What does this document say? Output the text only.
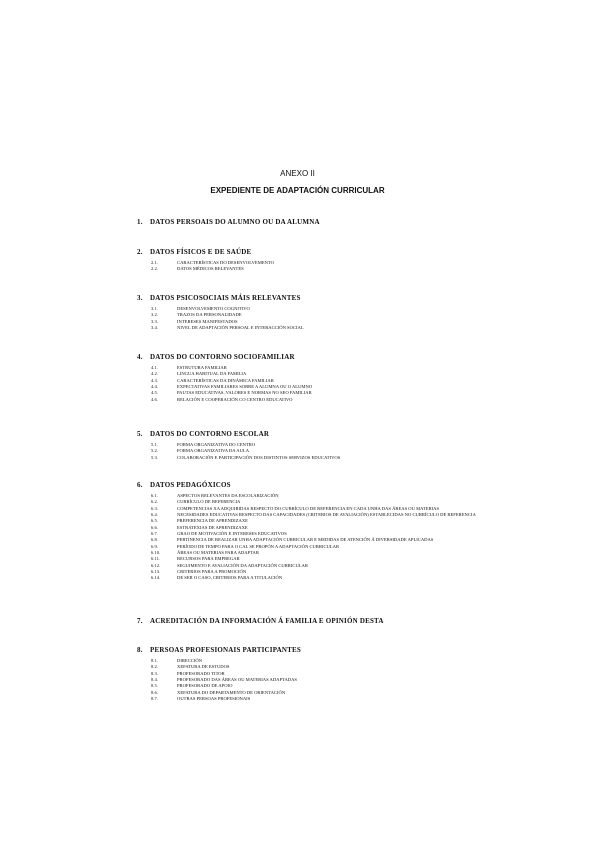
ANEXO II
EXPEDIENTE DE ADAPTACIÓN CURRICULAR
1. DATOS PERSOAIS DO ALUMNO OU DA ALUMNA
2. DATOS FÍSICOS E DE SAÚDE
2.1.	CARACTERÍSTICAS DO DESENVOLVEMENTO
2.2.	DATOS MÉDICOS RELEVANTES
3. DATOS PSICOSOCIAIS MÁIS RELEVANTES
3.1.	DESENVOLVEMENTO COGNITIVO
3.2.	TRAZOS DA PERSONALIDADE
3.3.	INTERESES MANIFESTADOS
3.4.	NIVEL DE ADAPTACIÓN PERSOAL E INTERACCIÓN SOCIAL
4. DATOS DO CONTORNO SOCIOFAMILIAR
4.1.	ESTRUTURA FAMILIAR
4.2.	LINGUA HABITUAL DA FAMILIA
4.3.	CARACTERÍSTICAS DA DINÁMICA FAMILIAR
4.4.	EXPECTATIVAS FAMILIARES SOBRE A ALUMNA OU O ALUMNO
4.5.	PAUTAS EDUCATIVAS, VALORES E NORMAS NO SEO FAMILIAR
4.6.	RELACIÓN E COOPERACIÓN CO CENTRO EDUCATIVO
5. DATOS DO CONTORNO ESCOLAR
5.1.	FORMA ORGANIZATIVA DO CENTRO
5.2.	FORMA ORGANIZATIVA DA AULA
5.3.	COLABORACIÓN E PARTICIPACIÓN DOS DISTINTOS SERVIZOS EDUCATIVOS
6. DATOS PEDAGÓXICOS
6.1.	ASPECTOS RELEVANTES DA ESCOLARIZACIÓN
6.2.	CURRÍCULO DE REFERENCIA
6.3.	COMPETENCIAS XA ADQUIRIDAS RESPECTO DO CURRÍCULO DE REFERENCIA EN CADA UNHA DAS ÁREAS OU MATERIAS
6.4.	NECESIDADES EDUCATIVAS RESPECTO DAS CAPACIDADES (CRITERIOS DE AVALIACIÓN) ESTABLECIDAS NO CURRÍCULO DE REFERENCIA
6.5.	PREFERENCIA DE APRENDIZAXE
6.6.	ESTRATEXIAS DE APRENDIZAXE
6.7.	GRAO DE MOTIVACIÓN E INTERESES EDUCATIVOS
6.8.	PERTINENCIA DE REALIZAR UNHA ADAPTACIÓN CURRICULAR E MEDIDAS DE ATENCIÓN Á DIVERSIDADE APLICADAS
6.9.	PERÍODO DE TEMPO PARA O CAL SE PROPÓN A ADAPTACIÓN CURRICULAR
6.10.	ÁREAS OU MATERIAS PARA ADAPTAR
6.11.	RECURSOS PARA EMPREGAR
6.12.	SEGUIMENTO E AVALIACIÓN DA ADAPTACIÓN CURRICULAR
6.13.	CRITERIOS PARA A PROMOCIÓN
6.14.	DE SER O CASO, CRITERIOS PARA A TITULACIÓN
7. ACREDITACIÓN DA INFORMACIÓN Á FAMILIA E OPINIÓN DESTA
8. PERSOAS PROFESIONAIS PARTICIPANTES
8.1.	DIRECCIÓN
8.2.	XEFATURA DE ESTUDOS
8.3.	PROFESORADO TITOR
8.4.	PROFESORADO DAS ÁREAS OU MATERIAS ADAPTADAS
8.5.	PROFESORADO DE APOIO
8.6.	XEFATURA DO DEPARTAMENTO DE ORIENTACIÓN
8.7.	OUTRAS PERSOAS PROFESIONAIS
